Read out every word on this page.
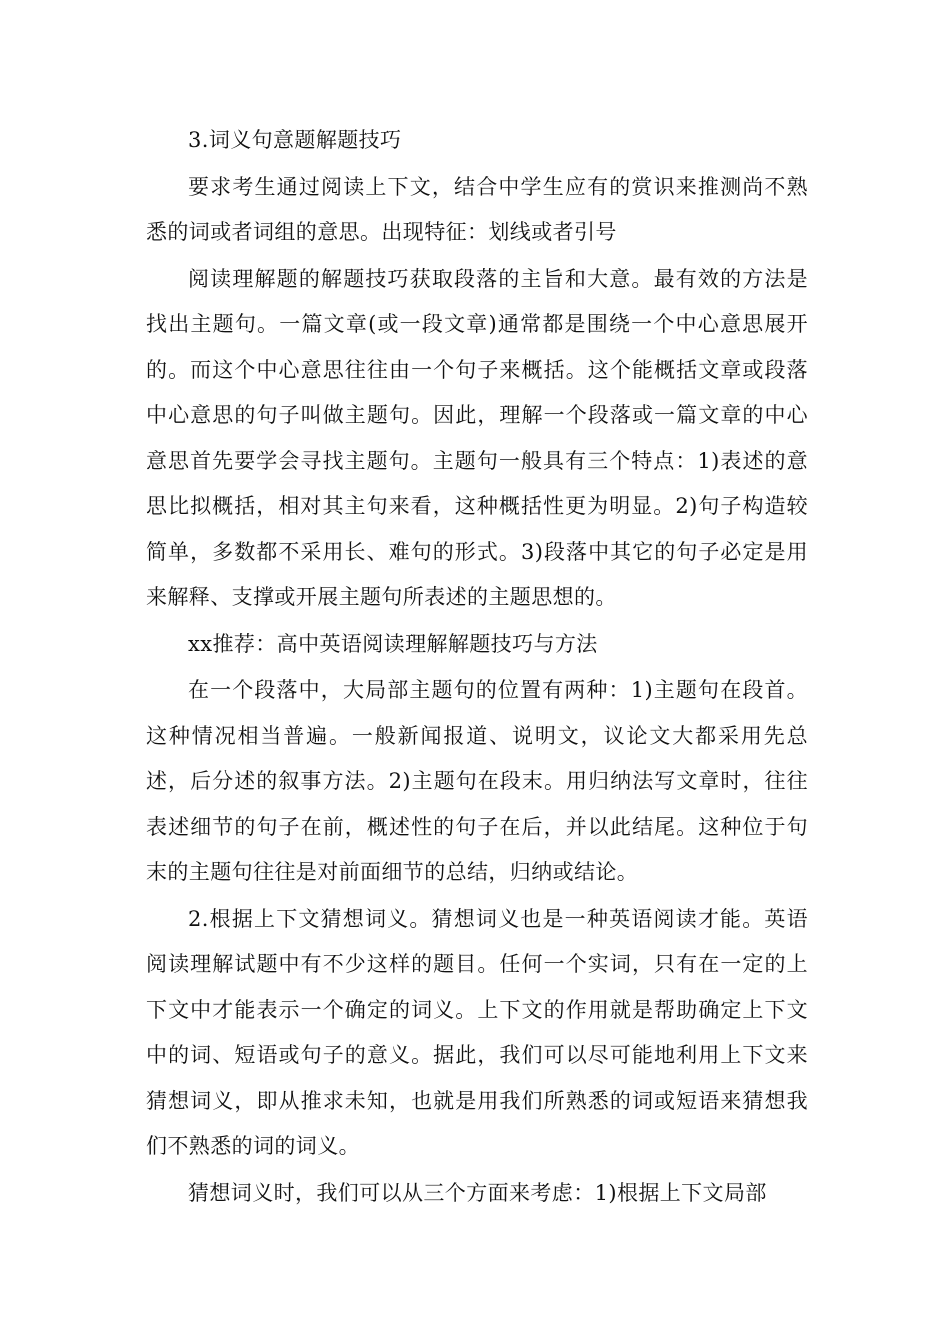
3.词义句意题解题技巧

要求考生通过阅读上下文，结合中学生应有的赏识来推测尚不熟悉的词或者词组的意思。出现特征：划线或者引号

阅读理解题的解题技巧获取段落的主旨和大意。最有效的方法是找出主题句。一篇文章(或一段文章)通常都是围绕一个中心意思展开的。而这个中心意思往往由一个句子来概括。这个能概括文章或段落中心意思的句子叫做主题句。因此，理解一个段落或一篇文章的中心意思首先要学会寻找主题句。主题句一般具有三个特点：1)表述的意思比拟概括，相对其主句来看，这种概括性更为明显。2)句子构造较简单，多数都不采用长、难句的形式。3)段落中其它的句子必定是用来解释、支撑或开展主题句所表述的主题思想的。

xx推荐：高中英语阅读理解解题技巧与方法

在一个段落中，大局部主题句的位置有两种：1)主题句在段首。这种情况相当普遍。一般新闻报道、说明文，议论文大都采用先总述，后分述的叙事方法。2)主题句在段末。用归纳法写文章时，往往表述细节的句子在前，概述性的句子在后，并以此结尾。这种位于句末的主题句往往是对前面细节的总结，归纳或结论。

2.根据上下文猜想词义。猜想词义也是一种英语阅读才能。英语阅读理解试题中有不少这样的题目。任何一个实词，只有在一定的上下文中才能表示一个确定的词义。上下文的作用就是帮助确定上下文中的词、短语或句子的意义。据此，我们可以尽可能地利用上下文来猜想词义，即从推求未知，也就是用我们所熟悉的词或短语来猜想我们不熟悉的词的词义。

猜想词义时，我们可以从三个方面来考虑：1)根据上下文局部
